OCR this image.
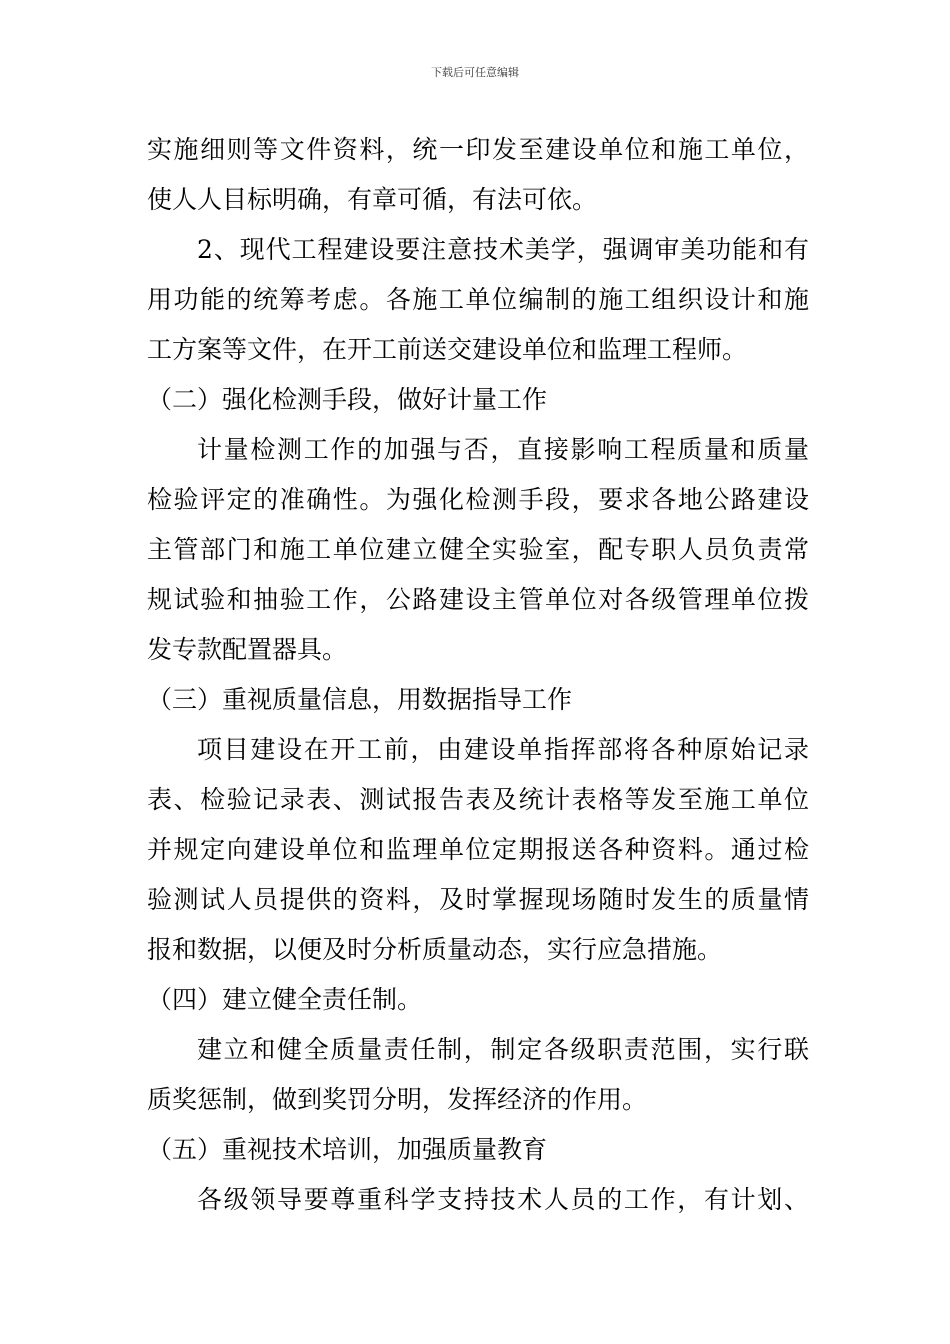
下载后可任意编辑
实施细则等文件资料，统一印发至建设单位和施工单位，
使人人目标明确，有章可循，有法可依。
2、现代工程建设要注意技术美学，强调审美功能和有
用功能的统筹考虑。各施工单位编制的施工组织设计和施
工方案等文件，在开工前送交建设单位和监理工程师。
（二）强化检测手段，做好计量工作
计量检测工作的加强与否，直接影响工程质量和质量
检验评定的准确性。为强化检测手段，要求各地公路建设
主管部门和施工单位建立健全实验室，配专职人员负责常
规试验和抽验工作，公路建设主管单位对各级管理单位拨
发专款配置器具。
（三）重视质量信息，用数据指导工作
项目建设在开工前，由建设单指挥部将各种原始记录
表、检验记录表、测试报告表及统计表格等发至施工单位
并规定向建设单位和监理单位定期报送各种资料。通过检
验测试人员提供的资料，及时掌握现场随时发生的质量情
报和数据，以便及时分析质量动态，实行应急措施。
（四）建立健全责任制。
建立和健全质量责任制，制定各级职责范围，实行联
质奖惩制，做到奖罚分明，发挥经济的作用。
（五）重视技术培训，加强质量教育
各级领导要尊重科学支持技术人员的工作，有计划、
